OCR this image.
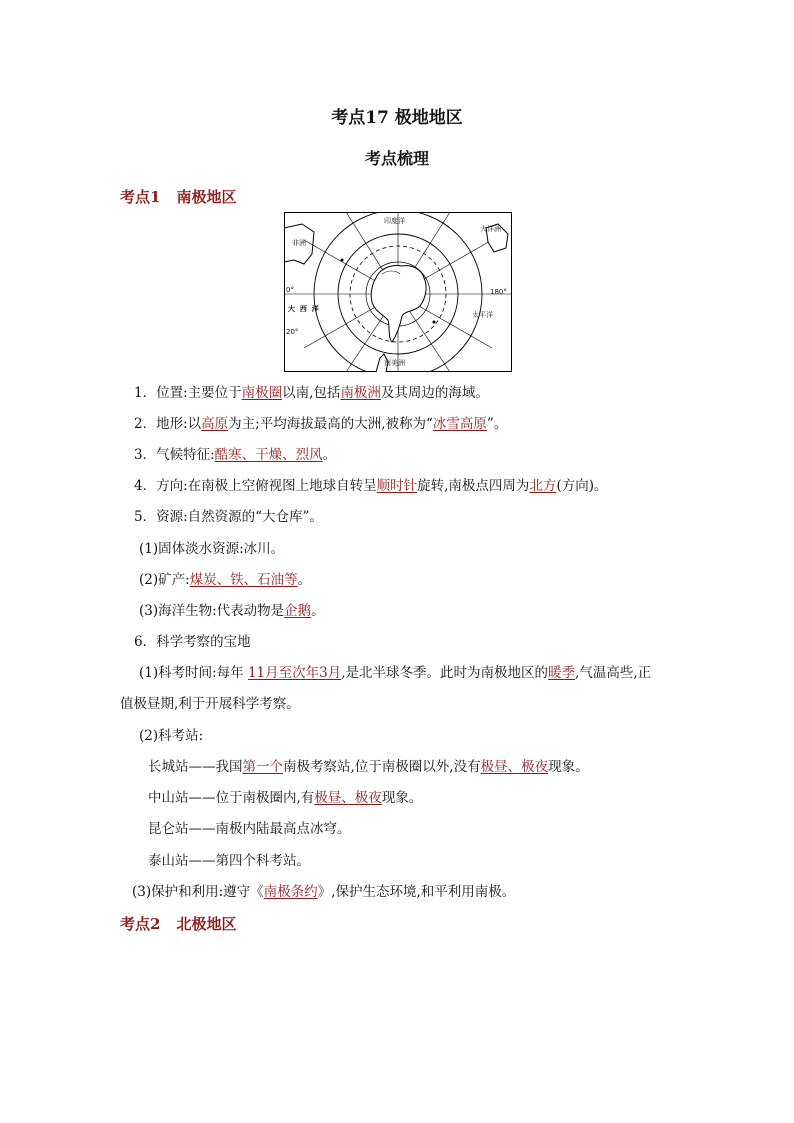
考点17 极地地区
考点梳理
考点1 南极地区
印度洋
非洲
大洋洲
0°	180°
大  西  洋
太平洋
20°
南美洲
1．位置:主要位于南极圈以南,包括南极洲及其周边的海域。
2．地形:以高原为主;平均海拔最高的大洲,被称为“冰雪高原”。
3．气候特征:酷寒、干燥、烈风。
4．方向:在南极上空俯视图上地球自转呈顺时针旋转,南极点四周为北方(方向)。
5．资源:自然资源的“大仓库”。
(1)固体淡水资源:冰川。
(2)矿产:煤炭、铁、石油等。
(3)海洋生物:代表动物是企鹅。
6．科学考察的宝地
(1)科考时间:每年 11月至次年3月,是北半球冬季。此时为南极地区的暖季,气温高些,正
值极昼期,利于开展科学考察。
(2)科考站:
长城站——我国第一个南极考察站,位于南极圈以外,没有极昼、极夜现象。
中山站——位于南极圈内,有极昼、极夜现象。
昆仑站——南极内陆最高点冰穹。
泰山站——第四个科考站。
(3)保护和利用:遵守《南极条约》,保护生态环境,和平利用南极。
考点2 北极地区
